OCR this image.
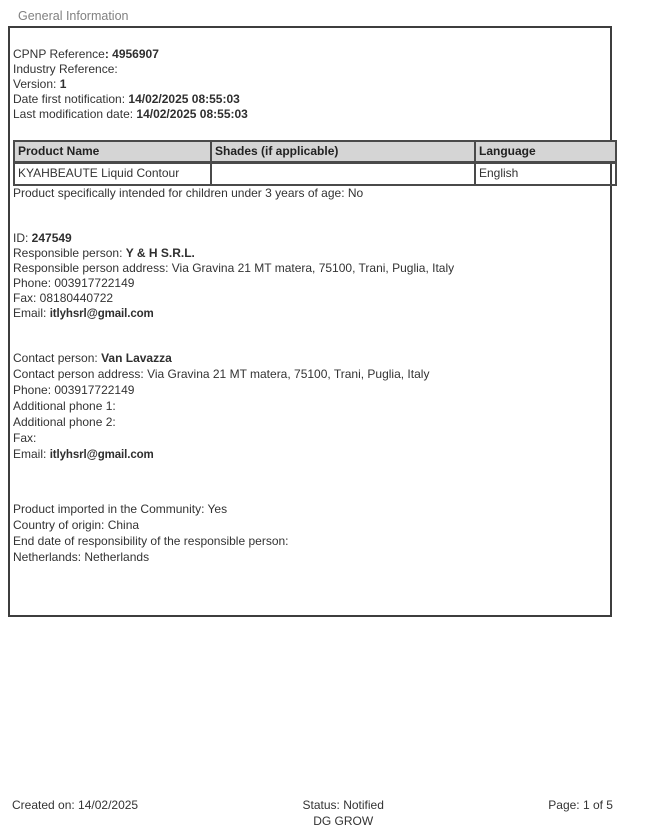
General Information

CPNP Reference: 4956907

Industry Reference:

Version: 1

Date first notification: 14/02/2025 08:55:03

Last modification date: 14/02/2025 08:55:03

Product Name	Shades (if applicable)	Language
KYAHBEAUTE Liquid Contour		English

Product specifically intended for children under 3 years of age: No

ID: 247549

Responsible person: Y & H S.R.L.

Responsible person address: Via Gravina 21 MT matera, 75100, Trani, Puglia, Italy

Phone: 003917722149

Fax: 08180440722

Email: itlyhsrl@gmail.com

Contact person: Van Lavazza

Contact person address: Via Gravina 21 MT matera, 75100, Trani, Puglia, Italy

Phone: 003917722149

Additional phone 1:

Additional phone 2:

Fax:

Email: itlyhsrl@gmail.com

Product imported in the Community: Yes

Country of origin: China

End date of responsibility of the responsible person:

Netherlands: Netherlands

Created on: 14/02/2025	Status: Notified
DG GROW
Page: 1 of 5
